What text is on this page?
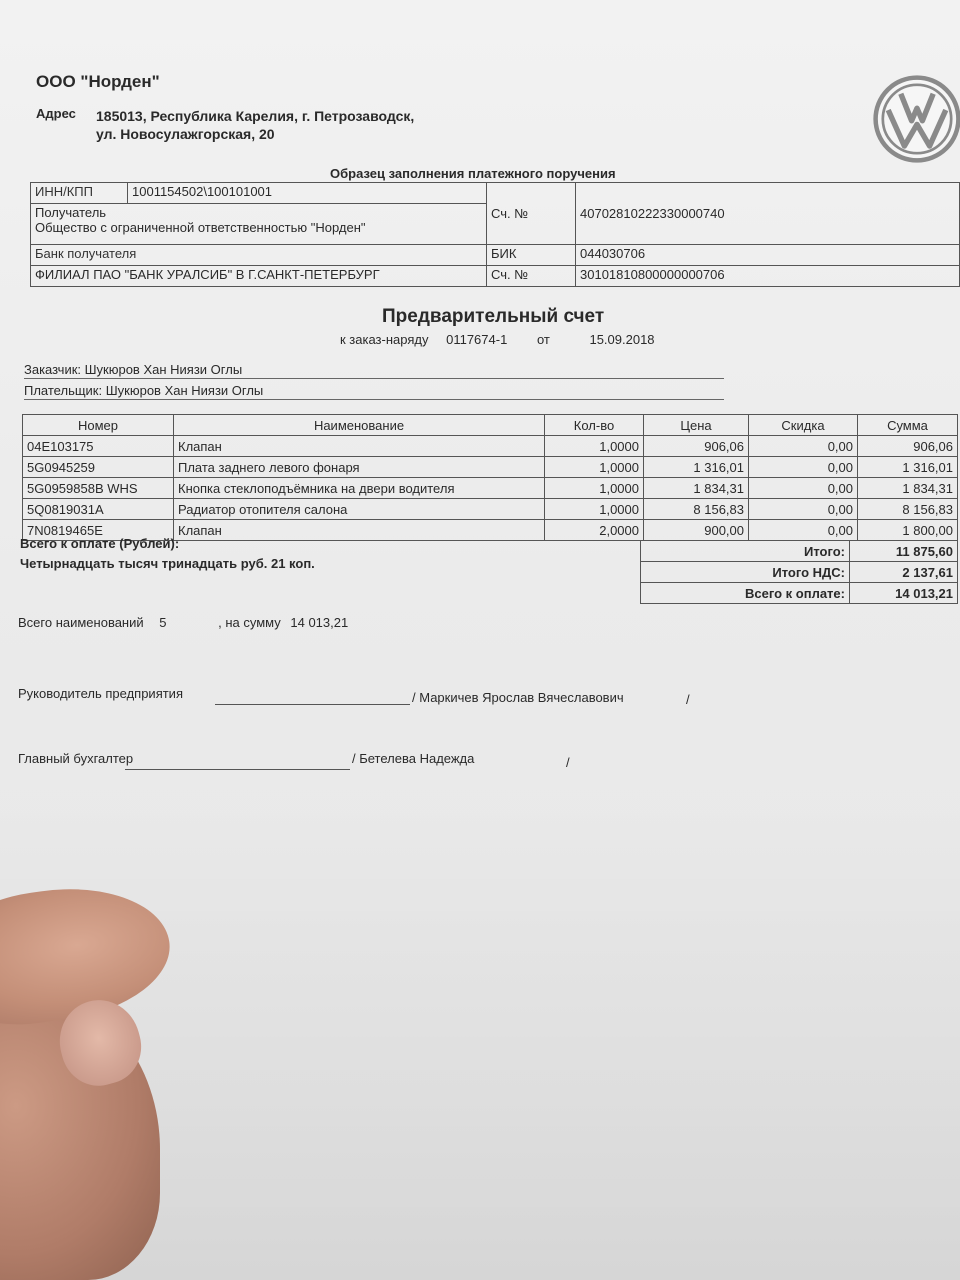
ООО "Норден"
Адрес 185013, Республика Карелия, г. Петрозаводск,
ул. Новосулажгорская, 20
Образец заполнения платежного поручения
ИНН/КПП	1001154502\100101001	Сч. №	40702810222330000740

Получатель
Общество с ограниченной ответственностью "Норден"			

Банк получателя		БИК	044030706
ФИЛИАЛ ПАО "БАНК УРАЛСИБ" В Г.САНКТ-ПЕТЕРБУРГ		Сч. №	30101810800000000706
Предварительный счет
к заказ-наряду 0117674-1 от	15.09.2018
Заказчик: Шукюров Хан Ниязи Оглы
Плательщик: Шукюров Хан Ниязи Оглы
Номер	Наименование	Кол-во	Цена	Скидка	Сумма
04E103175	Клапан	1,0000	906,06	0,00	906,06
5G0945259	Плата заднего левого фонаря	1,0000	1 316,01	0,00	1 316,01
5G0959858B WHS	Кнопка стеклоподъёмника на двери водителя	1,0000	1 834,31	0,00	1 834,31
5Q0819031A	Радиатор отопителя салона	1,0000	8 156,83	0,00	8 156,83
7N0819465E	Клапан	2,0000	900,00	0,00	1 800,00
Всего к оплате (Рублей):
Четырнадцать тысяч тринадцать руб. 21 коп.
Итого:	11 875,60
Итого НДС:	2 137,61
Всего к оплате:	14 013,21
Всего наименований 5	, на сумму 14 013,21
Руководитель предприятия	/ Маркичев Ярослав Вячеславович	/
Главный бухгалтер	/ Бетелева Надежда	/
